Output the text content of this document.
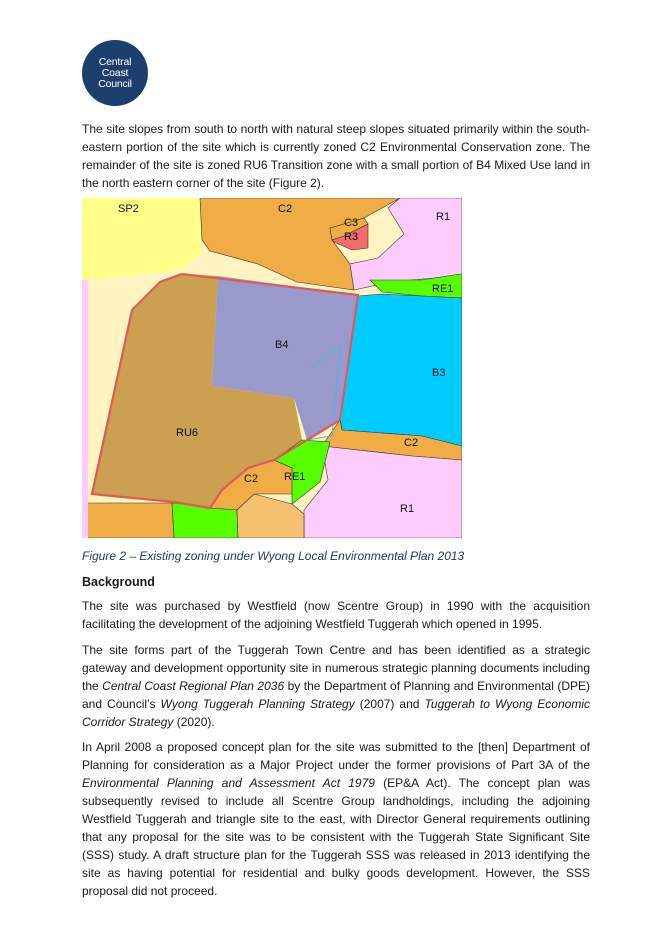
Central
Coast
Council

The site slopes from south to north with natural steep slopes situated primarily within the south-eastern portion of the site which is currently zoned C2 Environmental Conservation zone. The remainder of the site is zoned RU6 Transition zone with a small portion of B4 Mixed Use land in the north eastern corner of the site (Figure 2).

SP2	C2
C3
R3
R1
RE1
B4
B3
RU6
C2
C2 RE1
R1

Figure 2 – Existing zoning under Wyong Local Environmental Plan 2013

Background

The site was purchased by Westfield (now Scentre Group) in 1990 with the acquisition facilitating the development of the adjoining Westfield Tuggerah which opened in 1995.

The site forms part of the Tuggerah Town Centre and has been identified as a strategic gateway and development opportunity site in numerous strategic planning documents including the Central Coast Regional Plan 2036 by the Department of Planning and Environmental (DPE) and Council’s Wyong Tuggerah Planning Strategy (2007) and Tuggerah to Wyong Economic Corridor Strategy (2020).

In April 2008 a proposed concept plan for the site was submitted to the [then] Department of Planning for consideration as a Major Project under the former provisions of Part 3A of the Environmental Planning and Assessment Act 1979 (EP&A Act). The concept plan was subsequently revised to include all Scentre Group landholdings, including the adjoining Westfield Tuggerah and triangle site to the east, with Director General requirements outlining that any proposal for the site was to be consistent with the Tuggerah State Significant Site (SSS) study. A draft structure plan for the Tuggerah SSS was released in 2013 identifying the site as having potential for residential and bulky goods development. However, the SSS proposal did not proceed.
